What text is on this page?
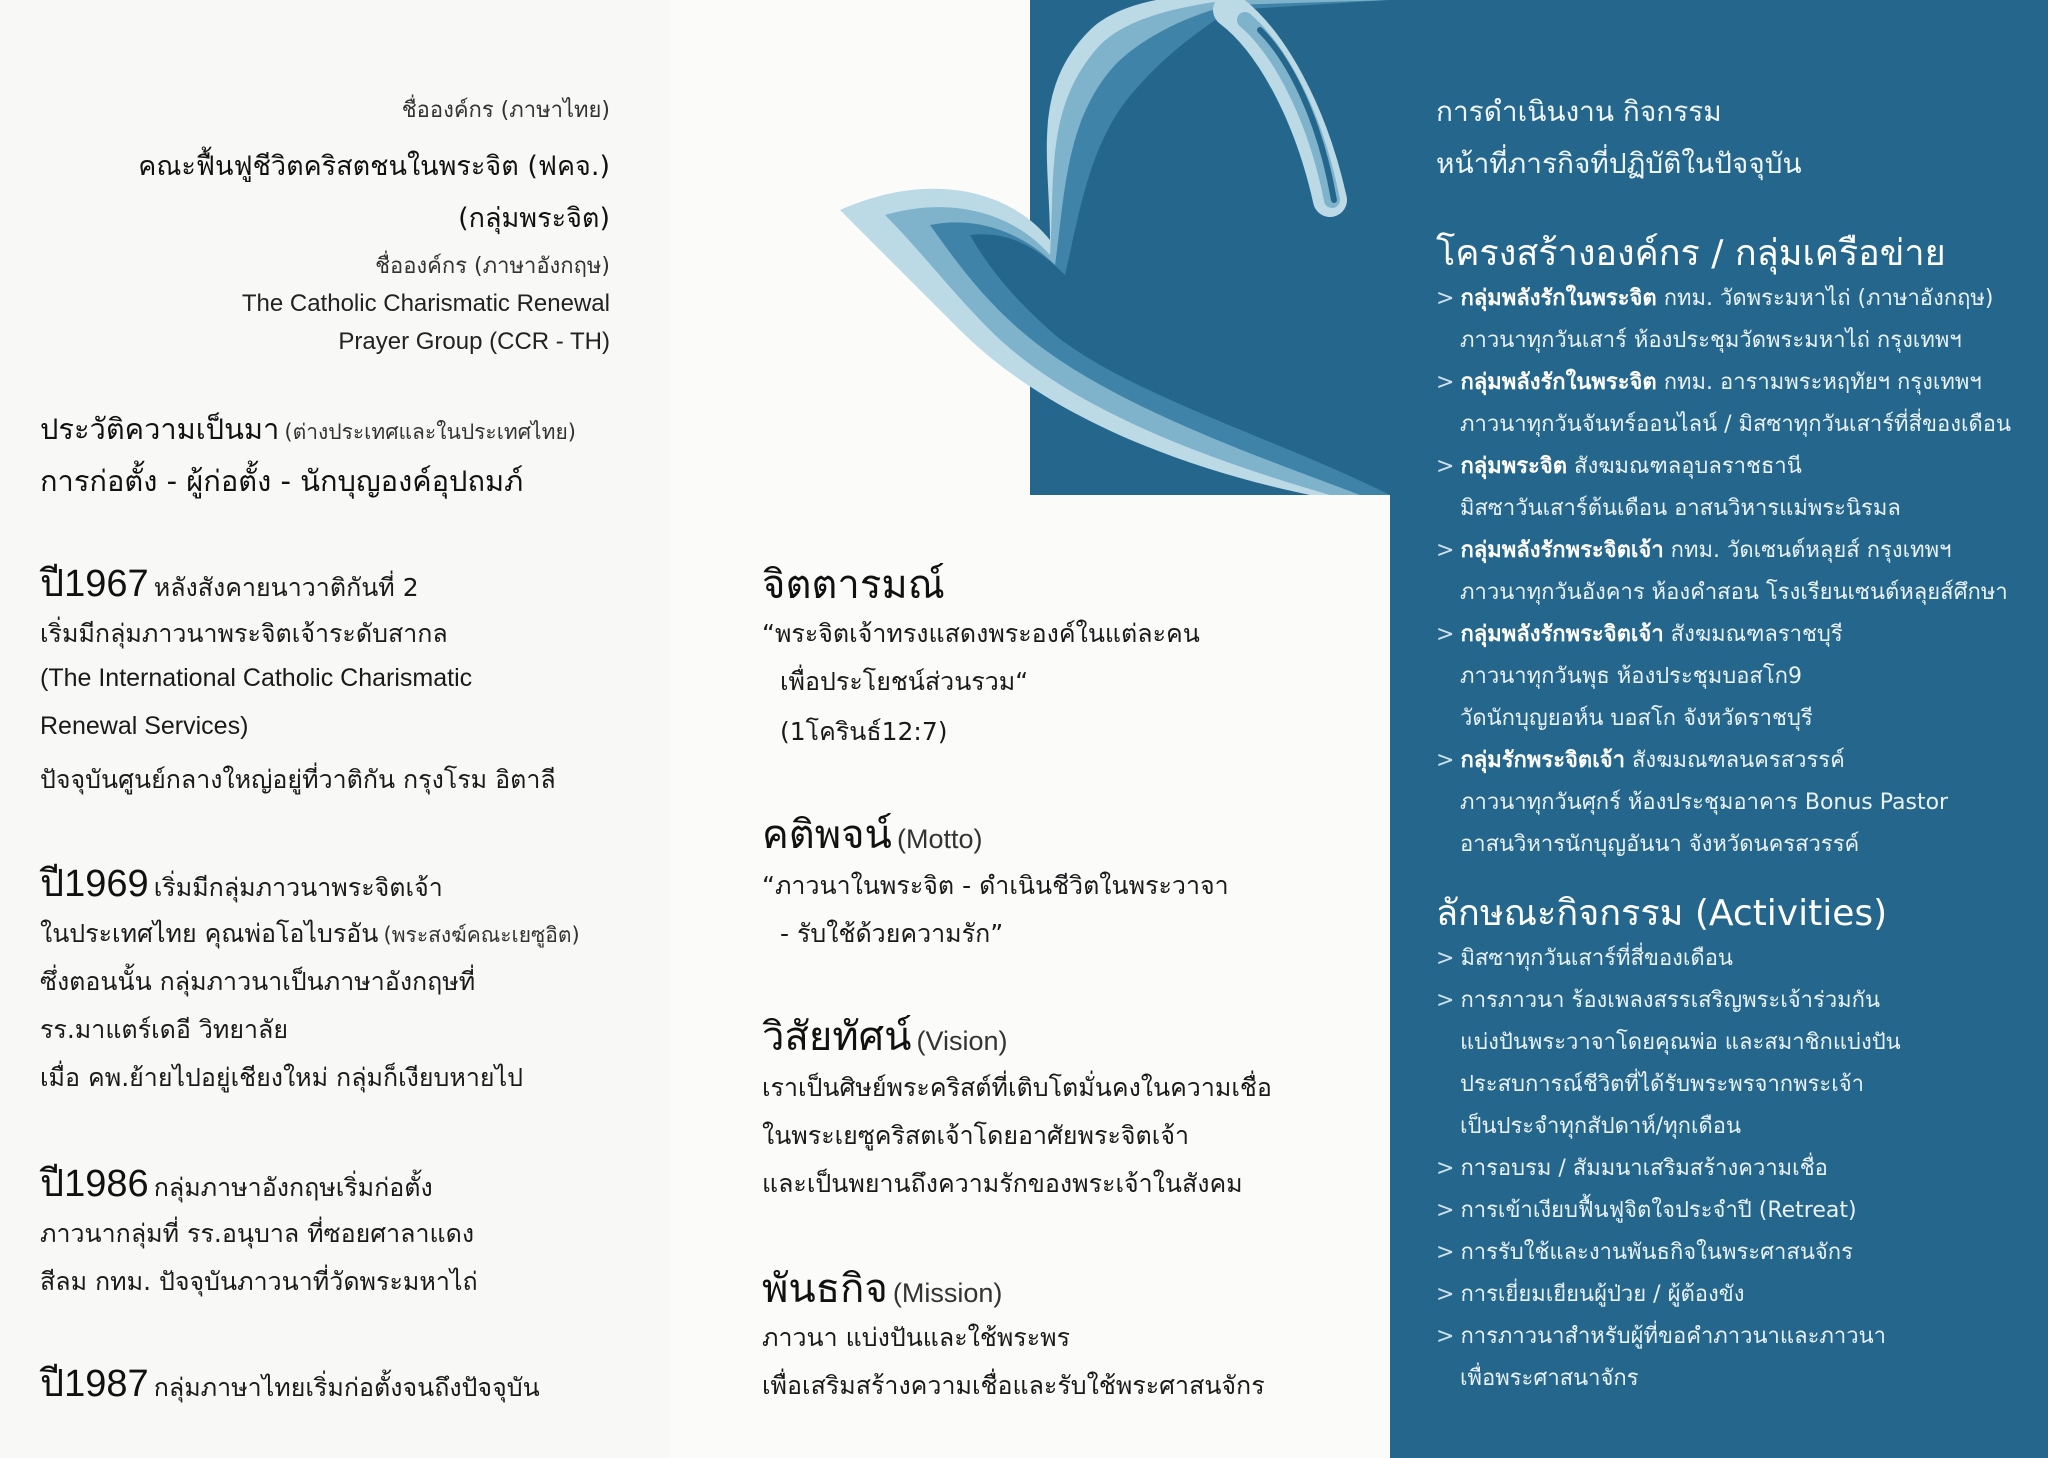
ชื่อองค์กร (ภาษาไทย)
คณะฟื้นฟูชีวิตคริสตชนในพระจิต (ฟคจ.)
(กลุ่มพระจิต)
ชื่อองค์กร (ภาษาอังกฤษ)
The Catholic Charismatic Renewal
Prayer Group (CCR - TH)
ประวัติความเป็นมา (ต่างประเทศและในประเทศไทย)
การก่อตั้ง - ผู้ก่อตั้ง - นักบุญองค์อุปถมภ์
ปี1967 หลังสังคายนาวาติกันที่ 2
เริ่มมีกลุ่มภาวนาพระจิตเจ้าระดับสากล
(The International Catholic Charismatic
Renewal Services)
ปัจจุบันศูนย์กลางใหญ่อยู่ที่วาติกัน กรุงโรม อิตาลี
ปี1969 เริ่มมีกลุ่มภาวนาพระจิตเจ้า
ในประเทศไทย คุณพ่อโอไบรอัน (พระสงฆ์คณะเยซูอิต)
ซึ่งตอนนั้น กลุ่มภาวนาเป็นภาษาอังกฤษที่
รร.มาแตร์เดอี วิทยาลัย
เมื่อ คพ.ย้ายไปอยู่เชียงใหม่ กลุ่มก็เงียบหายไป
ปี1986 กลุ่มภาษาอังกฤษเริ่มก่อตั้ง
ภาวนากลุ่มที่ รร.อนุบาล ที่ซอยศาลาแดง
สีลม กทม. ปัจจุบันภาวนาที่วัดพระมหาไถ่
ปี1987 กลุ่มภาษาไทยเริ่มก่อตั้งจนถึงปัจจุบัน
จิตตารมณ์
“พระจิตเจ้าทรงแสดงพระองค์ในแต่ละคน
เพื่อประโยชน์ส่วนรวม“
(1โครินธ์12:7)
คติพจน์ (Motto)
“ภาวนาในพระจิต - ดำเนินชีวิตในพระวาจา
- รับใช้ด้วยความรัก”
วิสัยทัศน์ (Vision)
เราเป็นศิษย์พระคริสต์ที่เติบโตมั่นคงในความเชื่อ
ในพระเยซูคริสตเจ้าโดยอาศัยพระจิตเจ้า
และเป็นพยานถึงความรักของพระเจ้าในสังคม
พันธกิจ (Mission)
ภาวนา แบ่งปันและใช้พระพร
เพื่อเสริมสร้างความเชื่อและรับใช้พระศาสนจักร
การดำเนินงาน กิจกรรม
หน้าที่ภารกิจที่ปฏิบัติในปัจจุบัน
โครงสร้างองค์กร / กลุ่มเครือข่าย
> กลุ่มพลังรักในพระจิต กทม. วัดพระมหาไถ่ (ภาษาอังกฤษ)
ภาวนาทุกวันเสาร์ ห้องประชุมวัดพระมหาไถ่ กรุงเทพฯ
> กลุ่มพลังรักในพระจิต กทม. อารามพระหฤทัยฯ กรุงเทพฯ
ภาวนาทุกวันจันทร์ออนไลน์ / มิสซาทุกวันเสาร์ที่สี่ของเดือน
> กลุ่มพระจิต สังฆมณฑลอุบลราชธานี
มิสซาวันเสาร์ต้นเดือน อาสนวิหารแม่พระนิรมล
> กลุ่มพลังรักพระจิตเจ้า กทม. วัดเซนต์หลุยส์ กรุงเทพฯ
ภาวนาทุกวันอังคาร ห้องคำสอน โรงเรียนเซนต์หลุยส์ศึกษา
> กลุ่มพลังรักพระจิตเจ้า สังฆมณฑลราชบุรี
ภาวนาทุกวันพุธ ห้องประชุมบอสโก9
วัดนักบุญยอห์น บอสโก จังหวัดราชบุรี
> กลุ่มรักพระจิตเจ้า สังฆมณฑลนครสวรรค์
ภาวนาทุกวันศุกร์ ห้องประชุมอาคาร Bonus Pastor
อาสนวิหารนักบุญอันนา จังหวัดนครสวรรค์
ลักษณะกิจกรรม (Activities)
> มิสซาทุกวันเสาร์ที่สี่ของเดือน
> การภาวนา ร้องเพลงสรรเสริญพระเจ้าร่วมกัน
แบ่งปันพระวาจาโดยคุณพ่อ และสมาชิกแบ่งปัน
ประสบการณ์ชีวิตที่ได้รับพระพรจากพระเจ้า
เป็นประจำทุกสัปดาห์/ทุกเดือน
> การอบรม / สัมมนาเสริมสร้างความเชื่อ
> การเข้าเงียบฟื้นฟูจิตใจประจำปี (Retreat)
> การรับใช้และงานพันธกิจในพระศาสนจักร
> การเยี่ยมเยียนผู้ป่วย / ผู้ต้องขัง
> การภาวนาสำหรับผู้ที่ขอคำภาวนาและภาวนา
เพื่อพระศาสนาจักร
